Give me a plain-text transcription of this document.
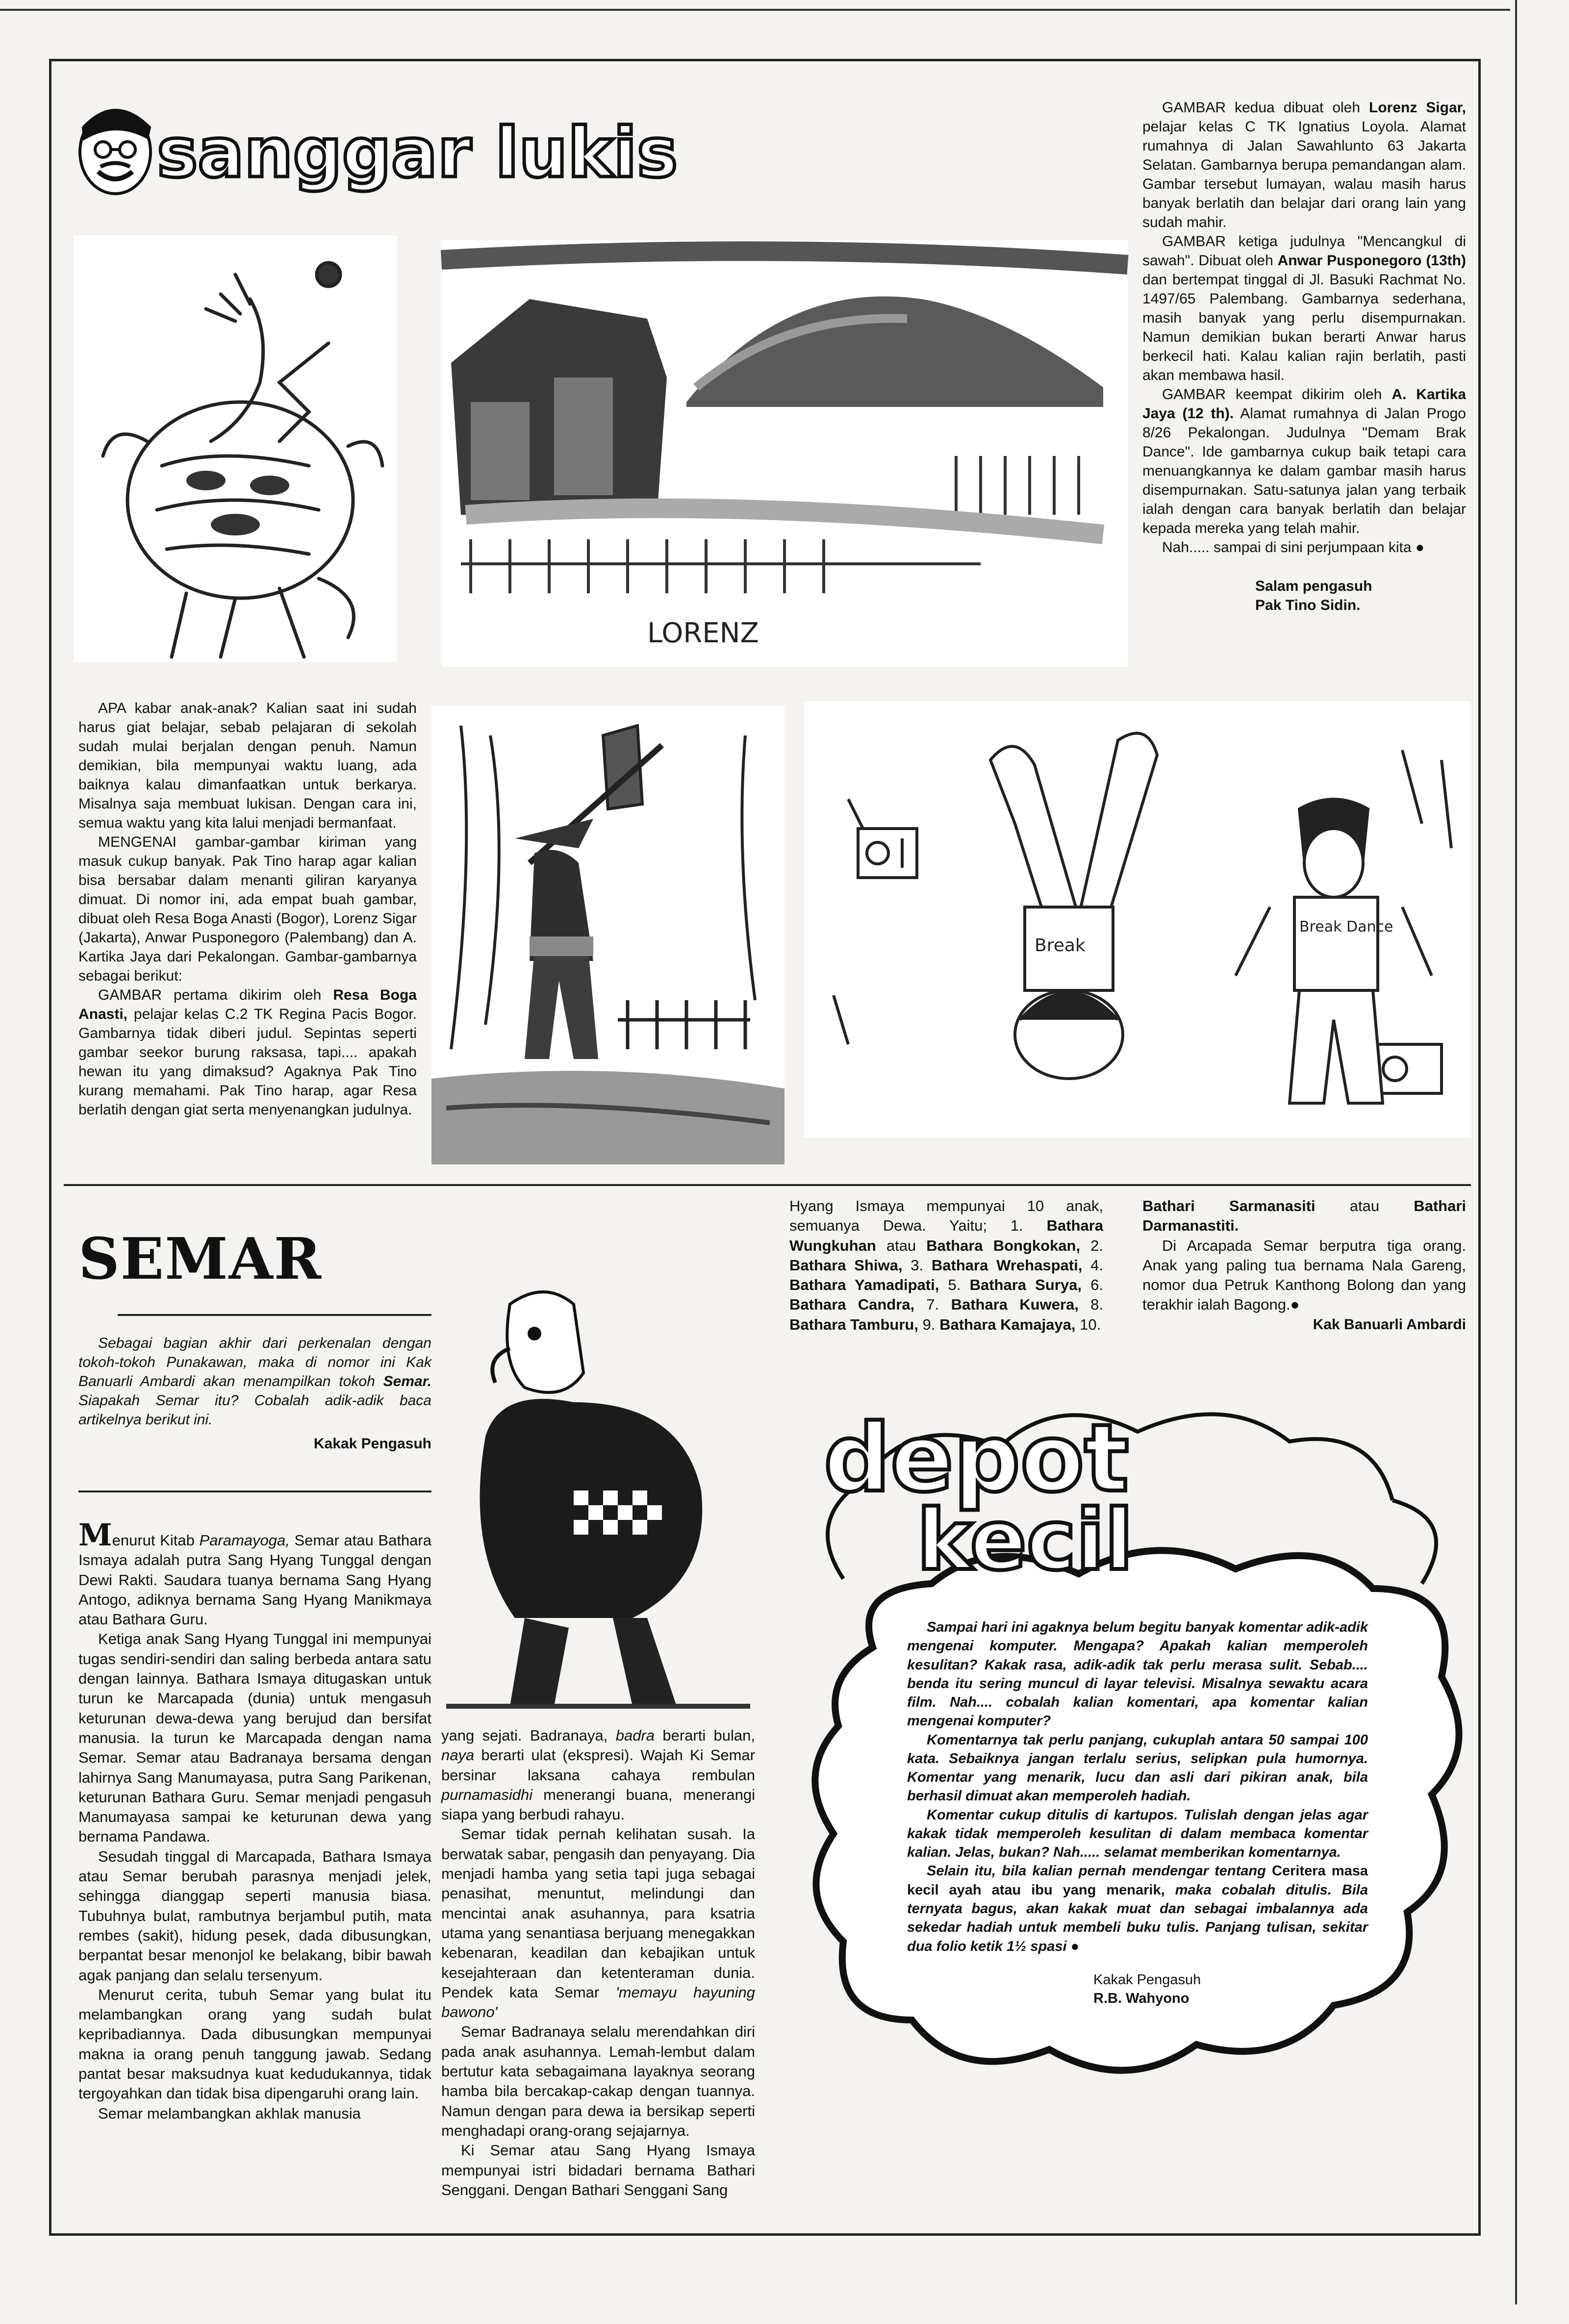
sanggar lukis
LORENZ

GAMBAR kedua dibuat oleh Lorenz Sigar, pelajar kelas C TK Ignatius Loyola. Alamat rumahnya di Jalan Sawahlunto 63 Jakarta Selatan. Gambarnya berupa pemandangan alam. Gambar tersebut lumayan, walau masih harus banyak berlatih dan belajar dari orang lain yang sudah mahir.

GAMBAR ketiga judulnya "Mencangkul di sawah". Dibuat oleh Anwar Pusponegoro (13th) dan bertempat tinggal di Jl. Basuki Rachmat No. 1497/65 Palembang. Gambarnya sederhana, masih banyak yang perlu disempurnakan. Namun demikian bukan berarti Anwar harus berkecil hati. Kalau kalian rajin berlatih, pasti akan membawa hasil.

GAMBAR keempat dikirim oleh A. Kartika Jaya (12 th). Alamat rumahnya di Jalan Progo 8/26 Pekalongan. Judulnya "Demam Brak Dance". Ide gambarnya cukup baik tetapi cara menuangkannya ke dalam gambar masih harus disempurnakan. Satu-satunya jalan yang terbaik ialah dengan cara banyak berlatih dan belajar kepada mereka yang telah mahir.

Nah..... sampai di sini perjumpaan kita ●

Salam pengasuh
Pak Tino Sidin.

APA kabar anak-anak? Kalian saat ini sudah harus giat belajar, sebab pelajaran di sekolah sudah mulai berjalan dengan penuh. Namun demikian, bila mempunyai waktu luang, ada baiknya kalau dimanfaatkan untuk berkarya. Misalnya saja membuat lukisan. Dengan cara ini, semua waktu yang kita lalui menjadi bermanfaat.

MENGENAI gambar-gambar kiriman yang masuk cukup banyak. Pak Tino harap agar kalian bisa bersabar dalam menanti giliran karyanya dimuat. Di nomor ini, ada empat buah gambar, dibuat oleh Resa Boga Anasti (Bogor), Lorenz Sigar (Jakarta), Anwar Pusponegoro (Palembang) dan A. Kartika Jaya dari Pekalongan. Gambar-gambarnya sebagai berikut:

GAMBAR pertama dikirim oleh Resa Boga Anasti, pelajar kelas C.2 TK Regina Pacis Bogor. Gambarnya tidak diberi judul. Sepintas seperti gambar seekor burung raksasa, tapi.... apakah hewan itu yang dimaksud? Agaknya Pak Tino kurang memahami. Pak Tino harap, agar Resa berlatih dengan giat serta menyenangkan judulnya.

Break
Break Dance
SEMAR
Sebagai bagian akhir dari perkenalan dengan tokoh-tokoh Punakawan, maka di nomor ini Kak Banuarli Ambardi akan menampilkan tokoh Semar. Siapakah Semar itu? Cobalah adik-adik baca artikelnya berikut ini.
Kakak Pengasuh

Menurut Kitab Paramayoga, Semar atau Bathara Ismaya adalah putra Sang Hyang Tunggal dengan Dewi Rakti. Saudara tuanya bernama Sang Hyang Antogo, adiknya bernama Sang Hyang Manikmaya atau Bathara Guru.

Ketiga anak Sang Hyang Tunggal ini mempunyai tugas sendiri-sendiri dan saling berbeda antara satu dengan lainnya. Bathara Ismaya ditugaskan untuk turun ke Marcapada (dunia) untuk mengasuh keturunan dewa-dewa yang berujud dan bersifat manusia. Ia turun ke Marcapada dengan nama Semar. Semar atau Badranaya bersama dengan lahirnya Sang Manumayasa, putra Sang Parikenan, keturunan Bathara Guru. Semar menjadi pengasuh Manumayasa sampai ke keturunan dewa yang bernama Pandawa.

Sesudah tinggal di Marcapada, Bathara Ismaya atau Semar berubah parasnya menjadi jelek, sehingga dianggap seperti manusia biasa. Tubuhnya bulat, rambutnya berjambul putih, mata rembes (sakit), hidung pesek, dada dibusungkan, berpantat besar menonjol ke belakang, bibir bawah agak panjang dan selalu tersenyum.

Menurut cerita, tubuh Semar yang bulat itu melambangkan orang yang sudah bulat kepribadiannya. Dada dibusungkan mempunyai makna ia orang penuh tanggung jawab. Sedang pantat besar maksudnya kuat kedudukannya, tidak tergoyahkan dan tidak bisa dipengaruhi orang lain.

Semar melambangkan akhlak manusia

yang sejati. Badranaya, badra berarti bulan, naya berarti ulat (ekspresi). Wajah Ki Semar bersinar laksana cahaya rembulan purnamasidhi menerangi buana, menerangi siapa yang berbudi rahayu.

Semar tidak pernah kelihatan susah. Ia berwatak sabar, pengasih dan penyayang. Dia menjadi hamba yang setia tapi juga sebagai penasihat, menuntut, melindungi dan mencintai anak asuhannya, para ksatria utama yang senantiasa berjuang menegakkan kebenaran, keadilan dan kebajikan untuk kesejahteraan dan ketenteraman dunia. Pendek kata Semar 'memayu hayuning bawono'

Semar Badranaya selalu merendahkan diri pada anak asuhannya. Lemah-lembut dalam bertutur kata sebagaimana layaknya seorang hamba bila bercakap-cakap dengan tuannya. Namun dengan para dewa ia bersikap seperti menghadapi orang-orang sejajarnya.

Ki Semar atau Sang Hyang Ismaya mempunyai istri bidadari bernama Bathari Senggani. Dengan Bathari Senggani Sang

Hyang Ismaya mempunyai 10 anak, semuanya Dewa. Yaitu; 1. Bathara Wungkuhan atau Bathara Bongkokan, 2. Bathara Shiwa, 3. Bathara Wrehaspati, 4. Bathara Yamadipati, 5. Bathara Surya, 6. Bathara Candra, 7. Bathara Kuwera, 8. Bathara Tamburu, 9. Bathara Kamajaya, 10.

Bathari Sarmanasiti atau Bathari Darmanastiti.

Di Arcapada Semar berputra tiga orang. Anak yang paling tua bernama Nala Gareng, nomor dua Petruk Kanthong Bolong dan yang terakhir ialah Bagong.●

Kak Banuarli Ambardi
depot
kecil

Sampai hari ini agaknya belum begitu banyak komentar adik-adik mengenai komputer. Mengapa? Apakah kalian memperoleh kesulitan? Kakak rasa, adik-adik tak perlu merasa sulit. Sebab.... benda itu sering muncul di layar televisi. Misalnya sewaktu acara film. Nah.... cobalah kalian komentari, apa komentar kalian mengenai komputer?

Komentarnya tak perlu panjang, cukuplah antara 50 sampai 100 kata. Sebaiknya jangan terlalu serius, selipkan pula humornya. Komentar yang menarik, lucu dan asli dari pikiran anak, bila berhasil dimuat akan memperoleh hadiah.

Komentar cukup ditulis di kartupos. Tulislah dengan jelas agar kakak tidak memperoleh kesulitan di dalam membaca komentar kalian. Jelas, bukan? Nah..... selamat memberikan komentarnya.

Selain itu, bila kalian pernah mendengar tentang Ceritera masa kecil ayah atau ibu yang menarik, maka cobalah ditulis. Bila ternyata bagus, akan kakak muat dan sebagai imbalannya ada sekedar hadiah untuk membeli buku tulis. Panjang tulisan, sekitar dua folio ketik 1½ spasi ●

Kakak Pengasuh
R.B. Wahyono
